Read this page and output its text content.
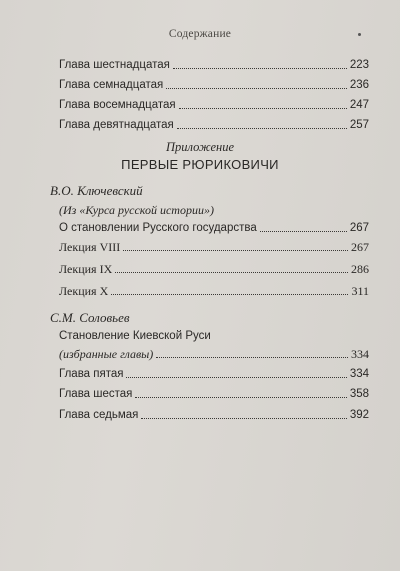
Содержание
Глава шестнадцатая	223
Глава семнадцатая	236
Глава восемнадцатая	247
Глава девятнадцатая	257
Приложение
ПЕРВЫЕ РЮРИКОВИЧИ
В.О. Ключевский
(Из «Курса русской истории»)
О становлении Русского государства	267
Лекция VIII	267
Лекция IX	286
Лекция X	311
С.М. Соловьев
Становление Киевской Руси
(избранные главы)	334
Глава пятая	334
Глава шестая	358
Глава седьмая	392
